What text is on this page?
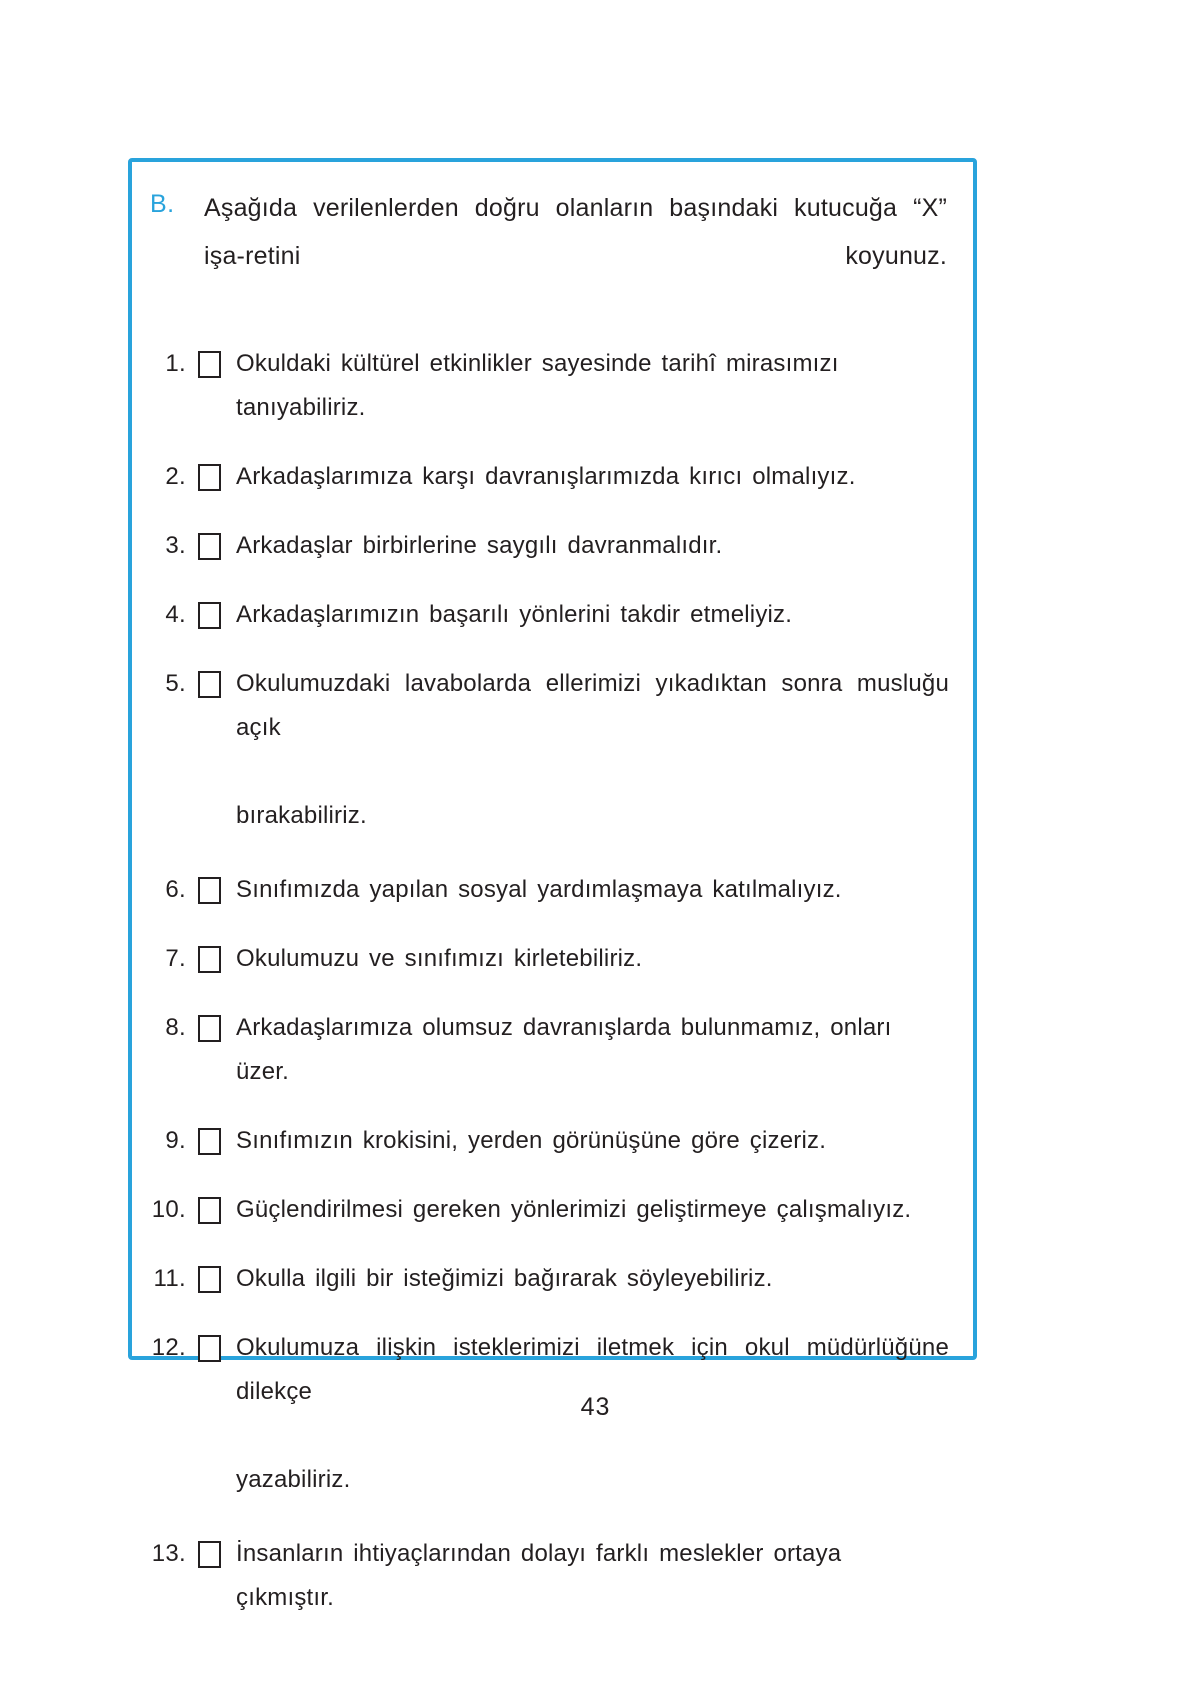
B.	Aşağıda verilenlerden doğru olanların başındaki kutucuğa “X” işa-retini koyunuz.
1.	Okuldaki kültürel etkinlikler sayesinde tarihî mirasımızı tanıyabiliriz.
2.	Arkadaşlarımıza karşı davranışlarımızda kırıcı olmalıyız.
3.	Arkadaşlar birbirlerine saygılı davranmalıdır.
4.	Arkadaşlarımızın başarılı yönlerini takdir etmeliyiz.
5. Okulumuzdaki lavabolarda ellerimizi yıkadıktan sonra musluğu açık
bırakabiliriz.
6.	Sınıfımızda yapılan sosyal yardımlaşmaya katılmalıyız.
7.	Okulumuzu ve sınıfımızı kirletebiliriz.
8.	Arkadaşlarımıza olumsuz davranışlarda bulunmamız, onları üzer.
9.	Sınıfımızın krokisini, yerden görünüşüne göre çizeriz.
10.	Güçlendirilmesi gereken yönlerimizi geliştirmeye çalışmalıyız.
11.	Okulla ilgili bir isteğimizi bağırarak söyleyebiliriz.
12. Okulumuza ilişkin isteklerimizi iletmek için okul müdürlüğüne dilekçe
yazabiliriz.
13.	İnsanların ihtiyaçlarından dolayı farklı meslekler ortaya çıkmıştır.
43
